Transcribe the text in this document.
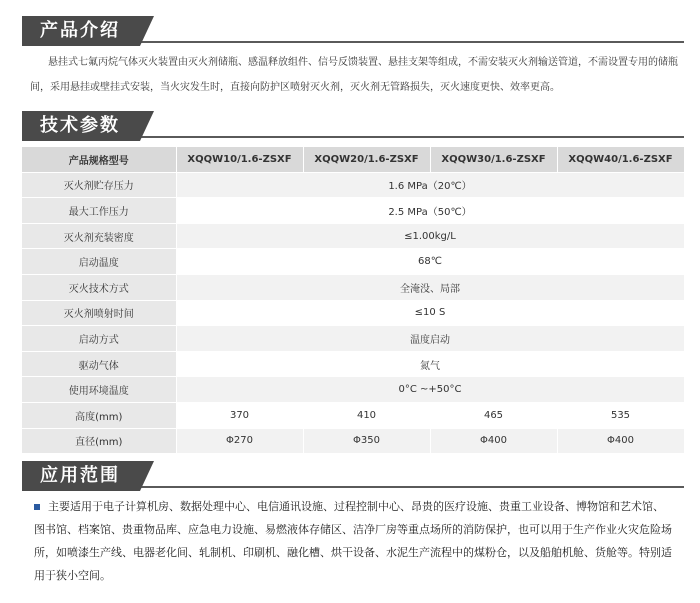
产品介绍
悬挂式七氟丙烷气体灭火装置由灭火剂储瓶、感温释放组件、信号反馈装置、悬挂支架等组成，不需安装灭火剂输送管道，不需设置专用的储瓶间，采用悬挂或壁挂式安装，当火灾发生时，直接向防护区喷射灭火剂，灭火剂无管路损失，灭火速度更快、效率更高。
技术参数
产品规格型号	XQQW10/1.6-ZSXF	XQQW20/1.6-ZSXF	XQQW30/1.6-ZSXF	XQQW40/1.6-ZSXF
灭火剂贮存压力	1.6 MPa（20℃）			
最大工作压力	2.5 MPa（50℃）			
灭火剂充装密度	≤1.00kg/L			
启动温度	68℃			
灭火技术方式	全淹没、局部			
灭火剂喷射时间	≤10 S			
启动方式	温度启动			
驱动气体	氮气			
使用环境温度	0°C ~+50°C			
高度(mm)	370	410	465	535
直径(mm)	Φ270	Φ350	Φ400	Φ400
应用范围
主要适用于电子计算机房、数据处理中心、电信通讯设施、过程控制中心、昂贵的医疗设施、贵重工业设备、博物馆和艺术馆、图书馆、档案馆、贵重物品库、应急电力设施、易燃液体存储区、洁净厂房等重点场所的消防保护，也可以用于生产作业火灾危险场所，如喷漆生产线、电器老化间、轧制机、印刷机、融化槽、烘干设备、水泥生产流程中的煤粉仓，以及船舶机舱、货舱等。特别适用于狭小空间。
